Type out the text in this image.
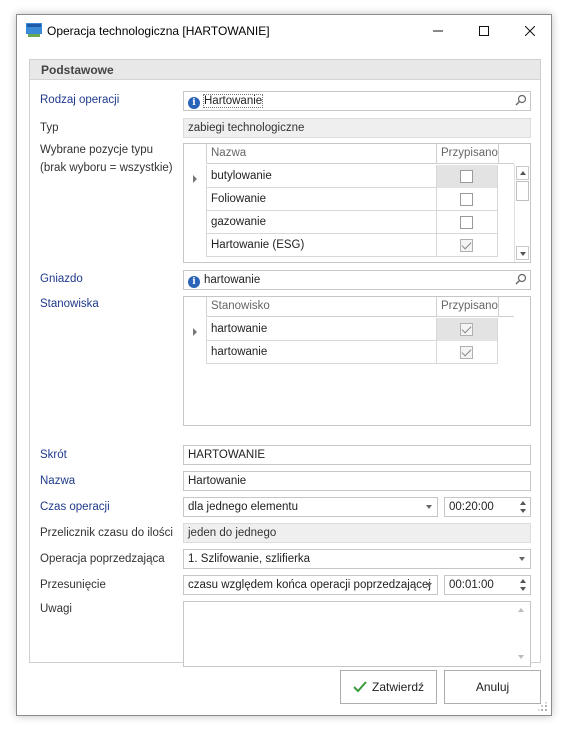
Operacja technologiczna [HARTOWANIE]
Podstawowe
Rodzaj operacji	i Hartowanie
Typ	zabiegi technologiczne
Wybrane pozycje typu
(brak wyboru = wszystkie)
Nazwa	Przypisano
butylowanie
Foliowanie
gazowanie
Hartowanie (ESG)
Gniazdo	i hartowanie
Stanowiska	Stanowisko	Przypisano
hartowanie
hartowanie
Skrót	HARTOWANIE
Nazwa	Hartowanie
Czas operacji	dla jednego elementu	00:20:00
Przelicznik czasu do ilości	jeden do jednego
Operacja poprzedzająca	1. Szlifowanie, szlifierka
Przesunięcie	czasu względem końca operacji poprzedzającej	00:01:00
Uwagi
Zatwierdź	Anuluj
